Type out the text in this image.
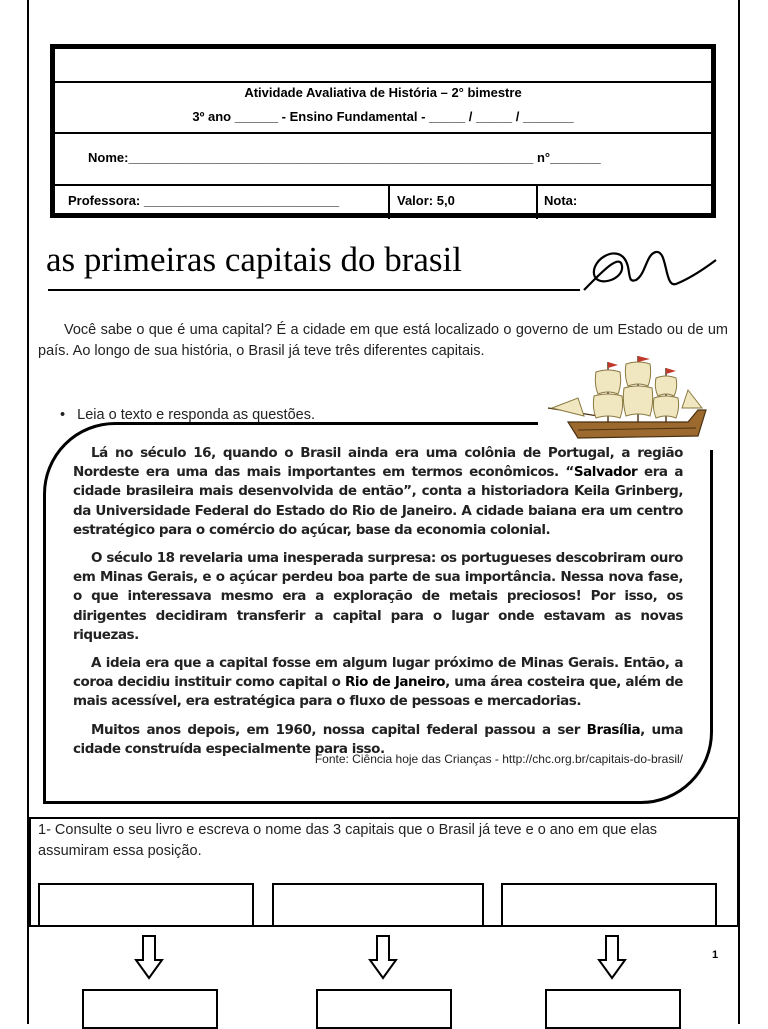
Atividade Avaliativa de História – 2° bimestre
3º ano ______ - Ensino Fundamental - _____ / _____ / _______
Nome:________________________________________________________ n°_______
Professora: ___________________________	Valor: 5,0	Nota:
as primeiras capitais do brasil
Você sabe o que é uma capital? É a cidade em que está localizado o governo de um Estado ou de um país. Ao longo de sua história, o Brasil já teve três diferentes capitais.
•   Leia o texto e responda as questões.

Lá no século 16, quando o Brasil ainda era uma colônia de Portugal, a região Nordeste era uma das mais importantes em termos econômicos. “Salvador era a cidade brasileira mais desenvolvida de então”, conta a historiadora Keila Grinberg, da Universidade Federal do Estado do Rio de Janeiro. A cidade baiana era um centro estratégico para o comércio do açúcar, base da economia colonial.

O século 18 revelaria uma inesperada surpresa: os portugueses descobriram ouro em Minas Gerais, e o açúcar perdeu boa parte de sua importância. Nessa nova fase, o que interessava mesmo era a exploração de metais preciosos! Por isso, os dirigentes decidiram transferir a capital para o lugar onde estavam as novas riquezas.

A ideia era que a capital fosse em algum lugar próximo de Minas Gerais. Então, a coroa decidiu instituir como capital o Rio de Janeiro, uma área costeira que, além de mais acessível, era estratégica para o fluxo de pessoas e mercadorias.

Muitos anos depois, em 1960, nossa capital federal passou a ser Brasília, uma cidade construída especialmente para isso.

Fonte: Ciência hoje das Crianças - http://chc.org.br/capitais-do-brasil/
1- Consulte o seu livro e escreva o nome das 3 capitais que o Brasil já teve e o ano em que elas assumiram essa posição.
1
